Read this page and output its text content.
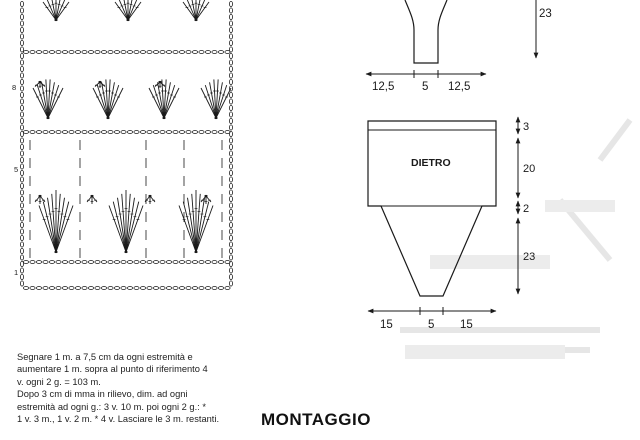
8
5
1
23
12,5 5 12,5
DIETRO
3
20
2
23
15	5 15
Segnare 1 m. a 7,5 cm da ogni estremità e
aumentare 1 m. sopra al punto di riferimento 4
v. ogni 2 g. = 103 m.
Dopo 3 cm di mma in rilievo, dim. ad ogni
estremità ad ogni g.: 3 v. 10 m. poi ogni 2 g.: *
1 v. 3 m., 1 v. 2 m. * 4 v. Lasciare le 3 m. restanti.	MONTAGGIO
